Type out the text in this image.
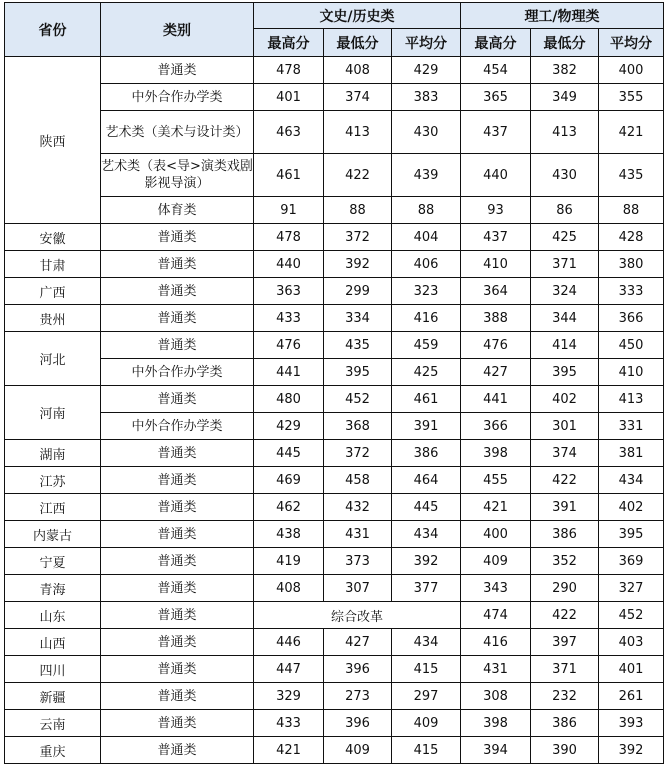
省份	类别	文史/历史类			理工/物理类		
		最高分	最低分	平均分	最高分	最低分	平均分
陕西	普通类	478	408	429	454	382	400
	中外合作办学类	401	374	383	365	349	355
	艺术类（美术与设计类）	463	413	430	437	413	421
	艺术类（表<导>演类戏剧影视导演）	461	422	439	440	430	435
	体育类	91	88	88	93	86	88
安徽	普通类	478	372	404	437	425	428
甘肃	普通类	440	392	406	410	371	380
广西	普通类	363	299	323	364	324	333
贵州	普通类	433	334	416	388	344	366
河北	普通类	476	435	459	476	414	450
	中外合作办学类	441	395	425	427	395	410
河南	普通类	480	452	461	441	402	413
	中外合作办学类	429	368	391	366	301	331
湖南	普通类	445	372	386	398	374	381
江苏	普通类	469	458	464	455	422	434
江西	普通类	462	432	445	421	391	402
内蒙古	普通类	438	431	434	400	386	395
宁夏	普通类	419	373	392	409	352	369
青海	普通类	408	307	377	343	290	327
山东	普通类	综合改革			474	422	452
山西	普通类	446	427	434	416	397	403
四川	普通类	447	396	415	431	371	401
新疆	普通类	329	273	297	308	232	261
云南	普通类	433	396	409	398	386	393
重庆	普通类	421	409	415	394	390	392
